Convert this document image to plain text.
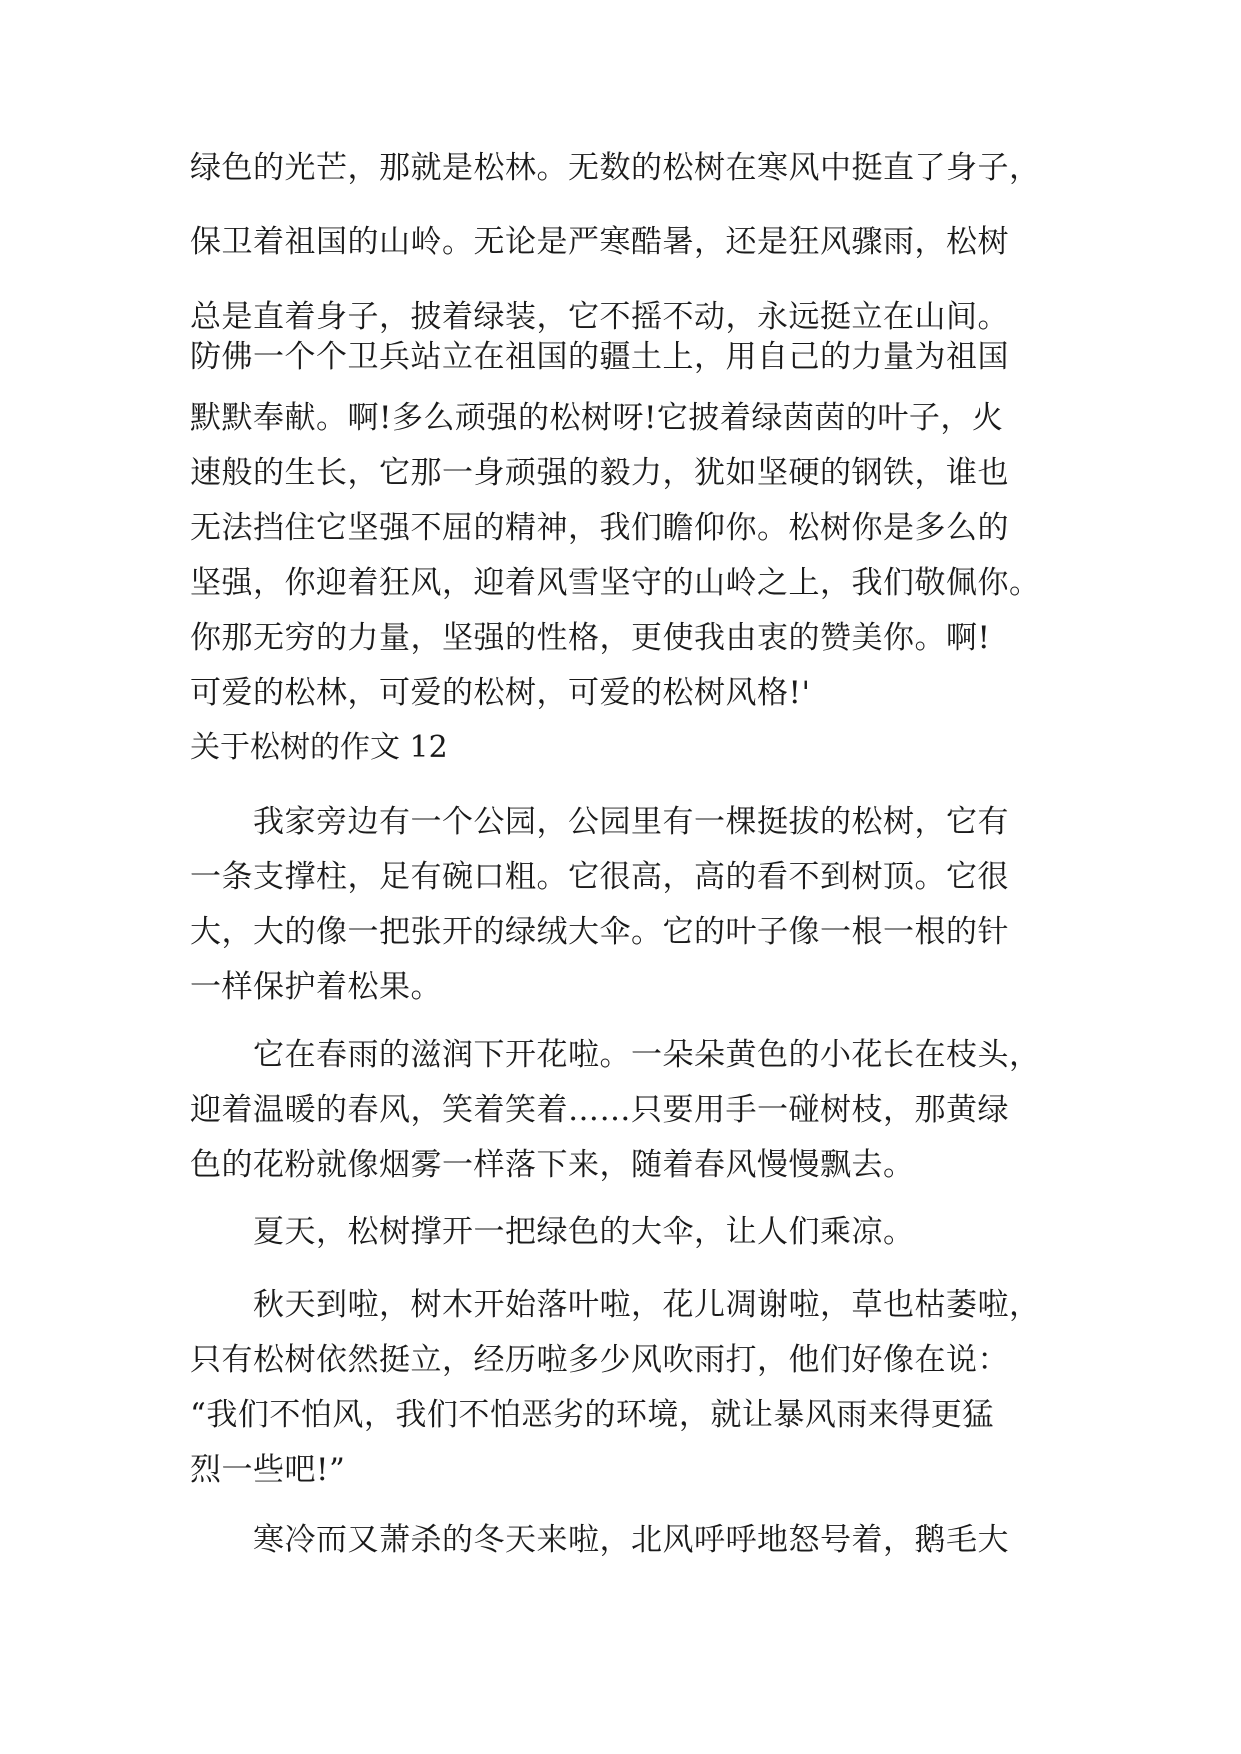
绿色的光芒，那就是松林。无数的松树在寒风中挺直了身子，
保卫着祖国的山岭。无论是严寒酷暑，还是狂风骤雨，松树
总是直着身子，披着绿装，它不摇不动，永远挺立在山间。
防佛一个个卫兵站立在祖国的疆土上，用自己的力量为祖国
默默奉献。啊!多么顽强的松树呀!它披着绿茵茵的叶子，火
速般的生长，它那一身顽强的毅力，犹如坚硬的钢铁，谁也
无法挡住它坚强不屈的精神，我们瞻仰你。松树你是多么的
坚强，你迎着狂风，迎着风雪坚守的山岭之上，我们敬佩你。
你那无穷的力量，坚强的性格，更使我由衷的赞美你。啊!
可爱的松林，可爱的松树，可爱的松树风格!'
关于松树的作文 12
　　我家旁边有一个公园，公园里有一棵挺拔的松树，它有
一条支撑柱，足有碗口粗。它很高，高的看不到树顶。它很
大，大的像一把张开的绿绒大伞。它的叶子像一根一根的针
一样保护着松果。
　　它在春雨的滋润下开花啦。一朵朵黄色的小花长在枝头，
迎着温暖的春风，笑着笑着……只要用手一碰树枝，那黄绿
色的花粉就像烟雾一样落下来，随着春风慢慢飘去。
　　夏天，松树撑开一把绿色的大伞，让人们乘凉。
　　秋天到啦，树木开始落叶啦，花儿凋谢啦，草也枯萎啦，
只有松树依然挺立，经历啦多少风吹雨打，他们好像在说：
“我们不怕风，我们不怕恶劣的环境，就让暴风雨来得更猛
烈一些吧!”
　　寒冷而又萧杀的冬天来啦，北风呼呼地怒号着，鹅毛大
